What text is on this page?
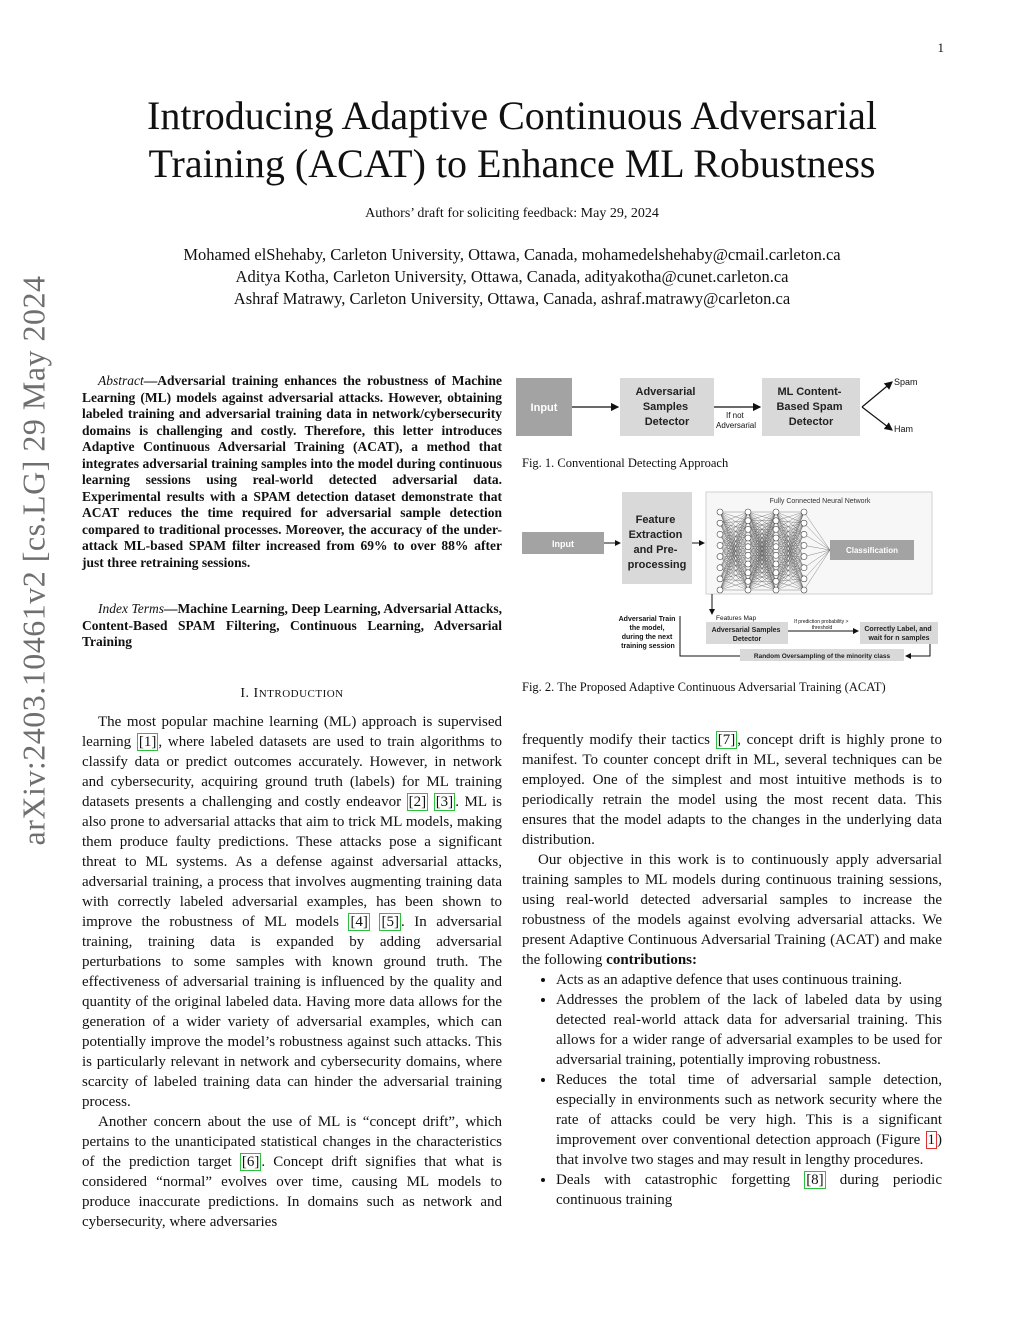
1
arXiv:2403.10461v2 [cs.LG] 29 May 2024
Introducing Adaptive Continuous Adversarial
Training (ACAT) to Enhance ML Robustness
Authors’ draft for soliciting feedback: May 29, 2024
Mohamed elShehaby, Carleton University, Ottawa, Canada, mohamedelshehaby@cmail.carleton.ca
Aditya Kotha, Carleton University, Ottawa, Canada, adityakotha@cunet.carleton.ca
Ashraf Matrawy, Carleton University, Ottawa, Canada, ashraf.matrawy@carleton.ca
Abstract—Adversarial training enhances the robustness of Machine Learning (ML) models against adversarial attacks. However, obtaining labeled training and adversarial training data in network/cybersecurity domains is challenging and costly. Therefore, this letter introduces Adaptive Continuous Adversarial Training (ACAT), a method that integrates adversarial training samples into the model during continuous learning sessions using real-world detected adversarial data. Experimental results with a SPAM detection dataset demonstrate that ACAT reduces the time required for adversarial sample detection compared to traditional processes. Moreover, the accuracy of the under-attack ML-based SPAM filter increased from 69% to over 88% after just three retraining sessions.
Index Terms—Machine Learning, Deep Learning, Adversarial Attacks, Content-Based SPAM Filtering, Continuous Learning, Adversarial Training
I. INTRODUCTION

The most popular machine learning (ML) approach is supervised learning [1] , where labeled datasets are used to train algorithms to classify data or predict outcomes accurately. However, in network and cybersecurity, acquiring ground truth (labels) for ML training datasets presents a challenging and costly endeavor [2] [3] . ML is also prone to adversarial attacks that aim to trick ML models, making them produce faulty predictions. These attacks pose a significant threat to ML systems. As a defense against adversarial attacks, adversarial training, a process that involves augmenting training data with correctly labeled adversarial examples, has been shown to improve the robustness of ML models [4] [5] . In adversarial training, training data is expanded by adding adversarial perturbations to some samples with known ground truth. The effectiveness of adversarial training is influenced by the quality and quantity of the original labeled data. Having more data allows for the generation of a wider variety of adversarial examples, which can potentially improve the model’s robustness against such attacks. This is particularly relevant in network and cybersecurity domains, where scarcity of labeled training data can hinder the adversarial training process.

Another concern about the use of ML is “concept drift”, which pertains to the unanticipated statistical changes in the characteristics of the prediction target [6] . Concept drift signifies that what is considered “normal” evolves over time, causing ML models to produce inaccurate predictions. In domains such as network and cybersecurity, where adversaries

Input
Adversarial Samples Detector
If not Adversarial
ML Content- Based Spam Detector
Spam
Ham
Fig. 1. Conventional Detecting Approach
Input
Feature Extraction and Pre- processing
Fully Connected Neural Network
Classification
Features Map
Adversarial Samples Detector
If prediction probability > threshold	Correctly Label, and wait for n samples
Random Oversampling of the minority class
Adversarial Train the model, during the next training session
Fig. 2. The Proposed Adaptive Continuous Adversarial Training (ACAT)

frequently modify their tactics [7] , concept drift is highly prone to manifest. To counter concept drift in ML, several techniques can be employed. One of the simplest and most intuitive methods is to periodically retrain the model using the most recent data. This ensures that the model adapts to the changes in the underlying data distribution.

Our objective in this work is to continuously apply adversarial training samples to ML models during continuous training sessions, using real-world detected adversarial samples to increase the robustness of the models against evolving adversarial attacks. We present Adaptive Continuous Adversarial Training (ACAT) and make the following contributions:

• Acts as an adaptive defence that uses continuous training.
• Addresses the problem of the lack of labeled data by using detected real-world attack data for adversarial training. This allows for a wider range of adversarial examples to be used for adversarial training, potentially improving robustness.
• Reduces the total time of adversarial sample detection, especially in environments such as network security where the rate of attacks could be very high. This is a significant improvement over conventional detection approach (Figure 1 ) that involve two stages and may result in lengthy procedures.
• Deals with catastrophic forgetting [8] during periodic continuous training
